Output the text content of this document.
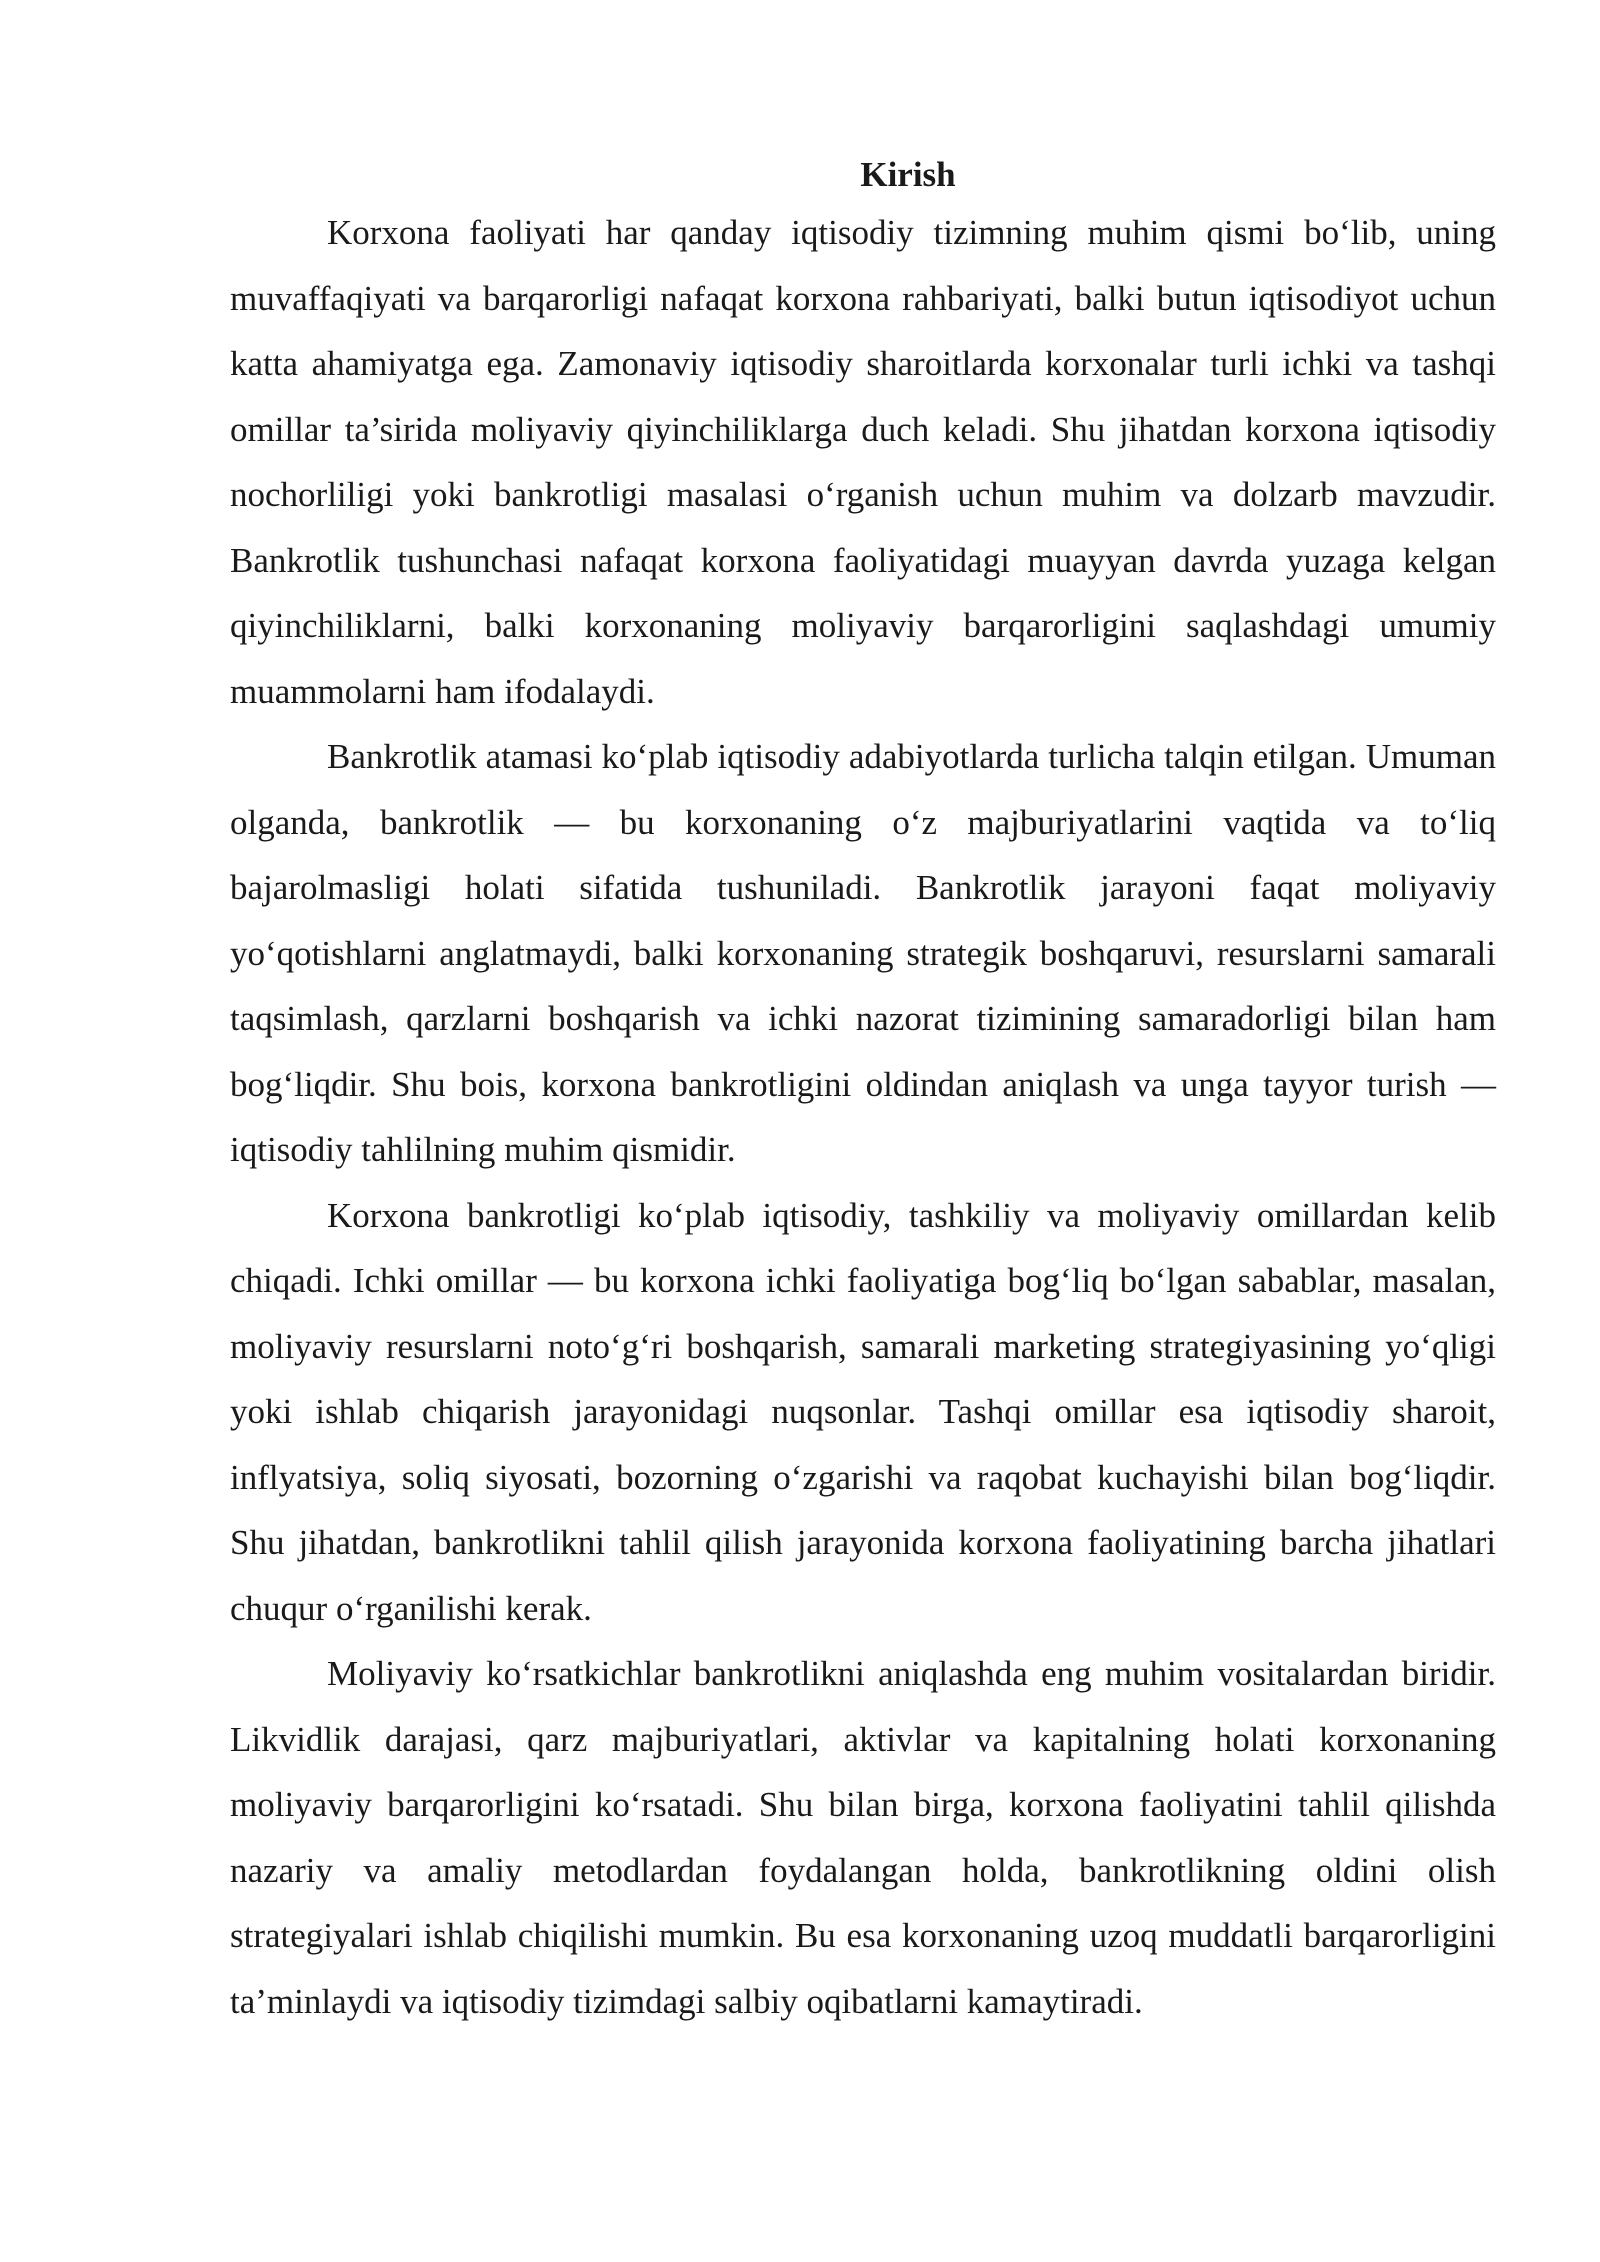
Kirish

Korxona faoliyati har qanday iqtisodiy tizimning muhim qismi bo‘lib, uning muvaffaqiyati va barqarorligi nafaqat korxona rahbariyati, balki butun iqtisodiyot uchun katta ahamiyatga ega. Zamonaviy iqtisodiy sharoitlarda korxonalar turli ichki va tashqi omillar ta’sirida moliyaviy qiyinchiliklarga duch keladi. Shu jihatdan korxona iqtisodiy nochorliligi yoki bankrotligi masalasi o‘rganish uchun muhim va dolzarb mavzudir. Bankrotlik tushunchasi nafaqat korxona faoliyatidagi muayyan davrda yuzaga kelgan qiyinchiliklarni, balki korxonaning moliyaviy barqarorligini saqlashdagi umumiy muammolarni ham ifodalaydi.

Bankrotlik atamasi ko‘plab iqtisodiy adabiyotlarda turlicha talqin etilgan. Umuman olganda, bankrotlik — bu korxonaning o‘z majburiyatlarini vaqtida va to‘liq bajarolmasligi holati sifatida tushuniladi. Bankrotlik jarayoni faqat moliyaviy yo‘qotishlarni anglatmaydi, balki korxonaning strategik boshqaruvi, resurslarni samarali taqsimlash, qarzlarni boshqarish va ichki nazorat tizimining samaradorligi bilan ham bog‘liqdir. Shu bois, korxona bankrotligini oldindan aniqlash va unga tayyor turish — iqtisodiy tahlilning muhim qismidir.

Korxona bankrotligi ko‘plab iqtisodiy, tashkiliy va moliyaviy omillardan kelib chiqadi. Ichki omillar — bu korxona ichki faoliyatiga bog‘liq bo‘lgan sabablar, masalan, moliyaviy resurslarni noto‘g‘ri boshqarish, samarali marketing strategiyasining yo‘qligi yoki ishlab chiqarish jarayonidagi nuqsonlar. Tashqi omillar esa iqtisodiy sharoit, inflyatsiya, soliq siyosati, bozorning o‘zgarishi va raqobat kuchayishi bilan bog‘liqdir. Shu jihatdan, bankrotlikni tahlil qilish jarayonida korxona faoliyatining barcha jihatlari chuqur o‘rganilishi kerak.

Moliyaviy ko‘rsatkichlar bankrotlikni aniqlashda eng muhim vositalardan biridir. Likvidlik darajasi, qarz majburiyatlari, aktivlar va kapitalning holati korxonaning moliyaviy barqarorligini ko‘rsatadi. Shu bilan birga, korxona faoliyatini tahlil qilishda nazariy va amaliy metodlardan foydalangan holda, bankrotlikning oldini olish strategiyalari ishlab chiqilishi mumkin. Bu esa korxonaning uzoq muddatli barqarorligini ta’minlaydi va iqtisodiy tizimdagi salbiy oqibatlarni kamaytiradi.
